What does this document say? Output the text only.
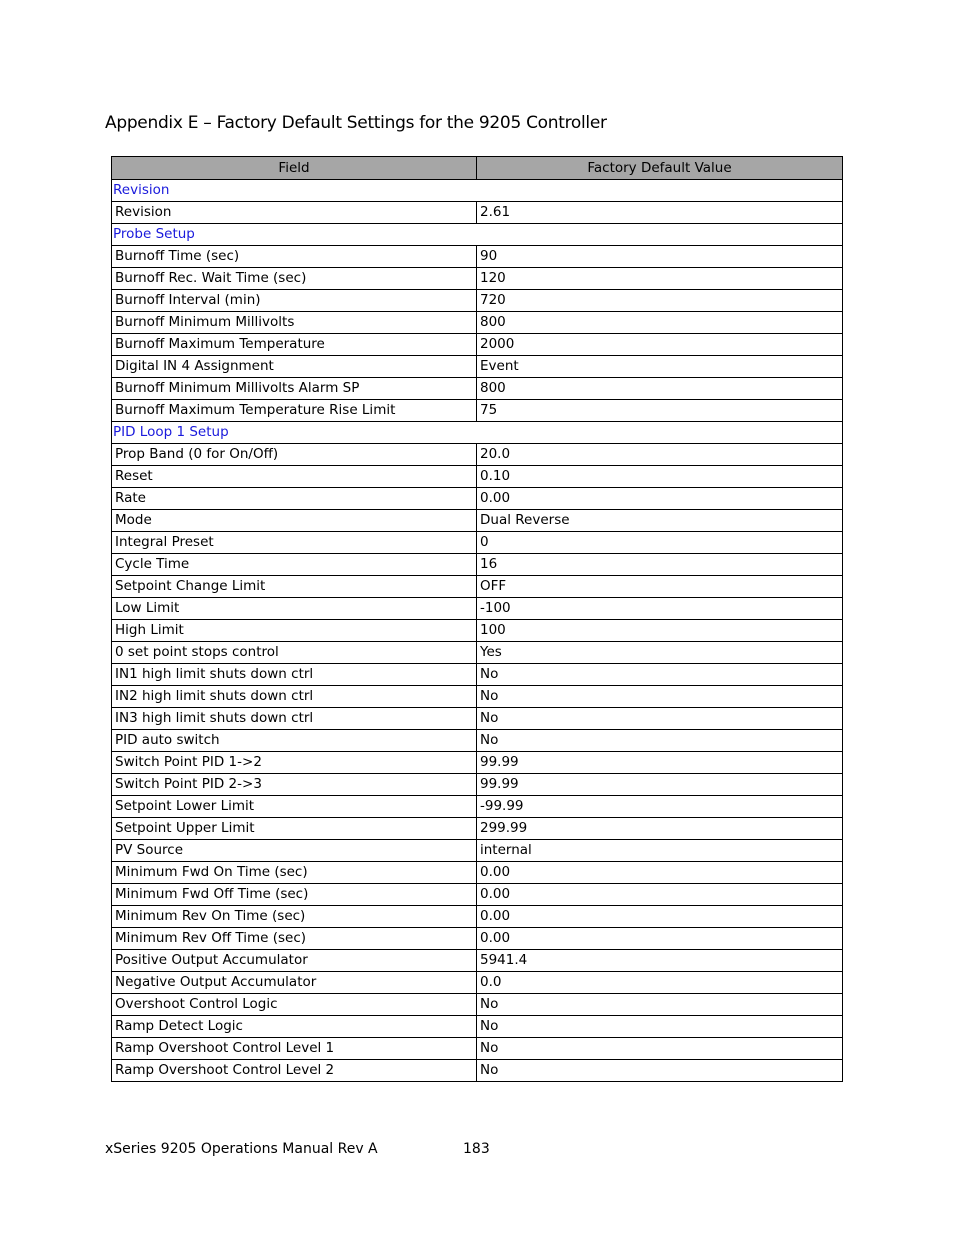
Appendix E – Factory Default Settings for the 9205 Controller
Field	Factory Default Value
Revision	
Revision	2.61
Probe Setup	
Burnoff Time (sec)	90
Burnoff Rec. Wait Time (sec)	120
Burnoff Interval (min)	720
Burnoff Minimum Millivolts	800
Burnoff Maximum Temperature	2000
Digital IN 4 Assignment	Event
Burnoff Minimum Millivolts Alarm SP	800
Burnoff Maximum Temperature Rise Limit	75
PID Loop 1 Setup	
Prop Band (0 for On/Off)	20.0
Reset	0.10
Rate	0.00
Mode	Dual Reverse
Integral Preset	0
Cycle Time	16
Setpoint Change Limit	OFF
Low Limit	-100
High Limit	100
0 set point stops control	Yes
IN1 high limit shuts down ctrl	No
IN2 high limit shuts down ctrl	No
IN3 high limit shuts down ctrl	No
PID auto switch	No
Switch Point PID 1->2	99.99
Switch Point PID 2->3	99.99
Setpoint Lower Limit	-99.99
Setpoint Upper Limit	299.99
PV Source	internal
Minimum Fwd On Time (sec)	0.00
Minimum Fwd Off Time (sec)	0.00
Minimum Rev On Time (sec)	0.00
Minimum Rev Off Time (sec)	0.00
Positive Output Accumulator	5941.4
Negative Output Accumulator	0.0
Overshoot Control Logic	No
Ramp Detect Logic	No
Ramp Overshoot Control Level 1	No
Ramp Overshoot Control Level 2	No
xSeries 9205 Operations Manual Rev A	183
